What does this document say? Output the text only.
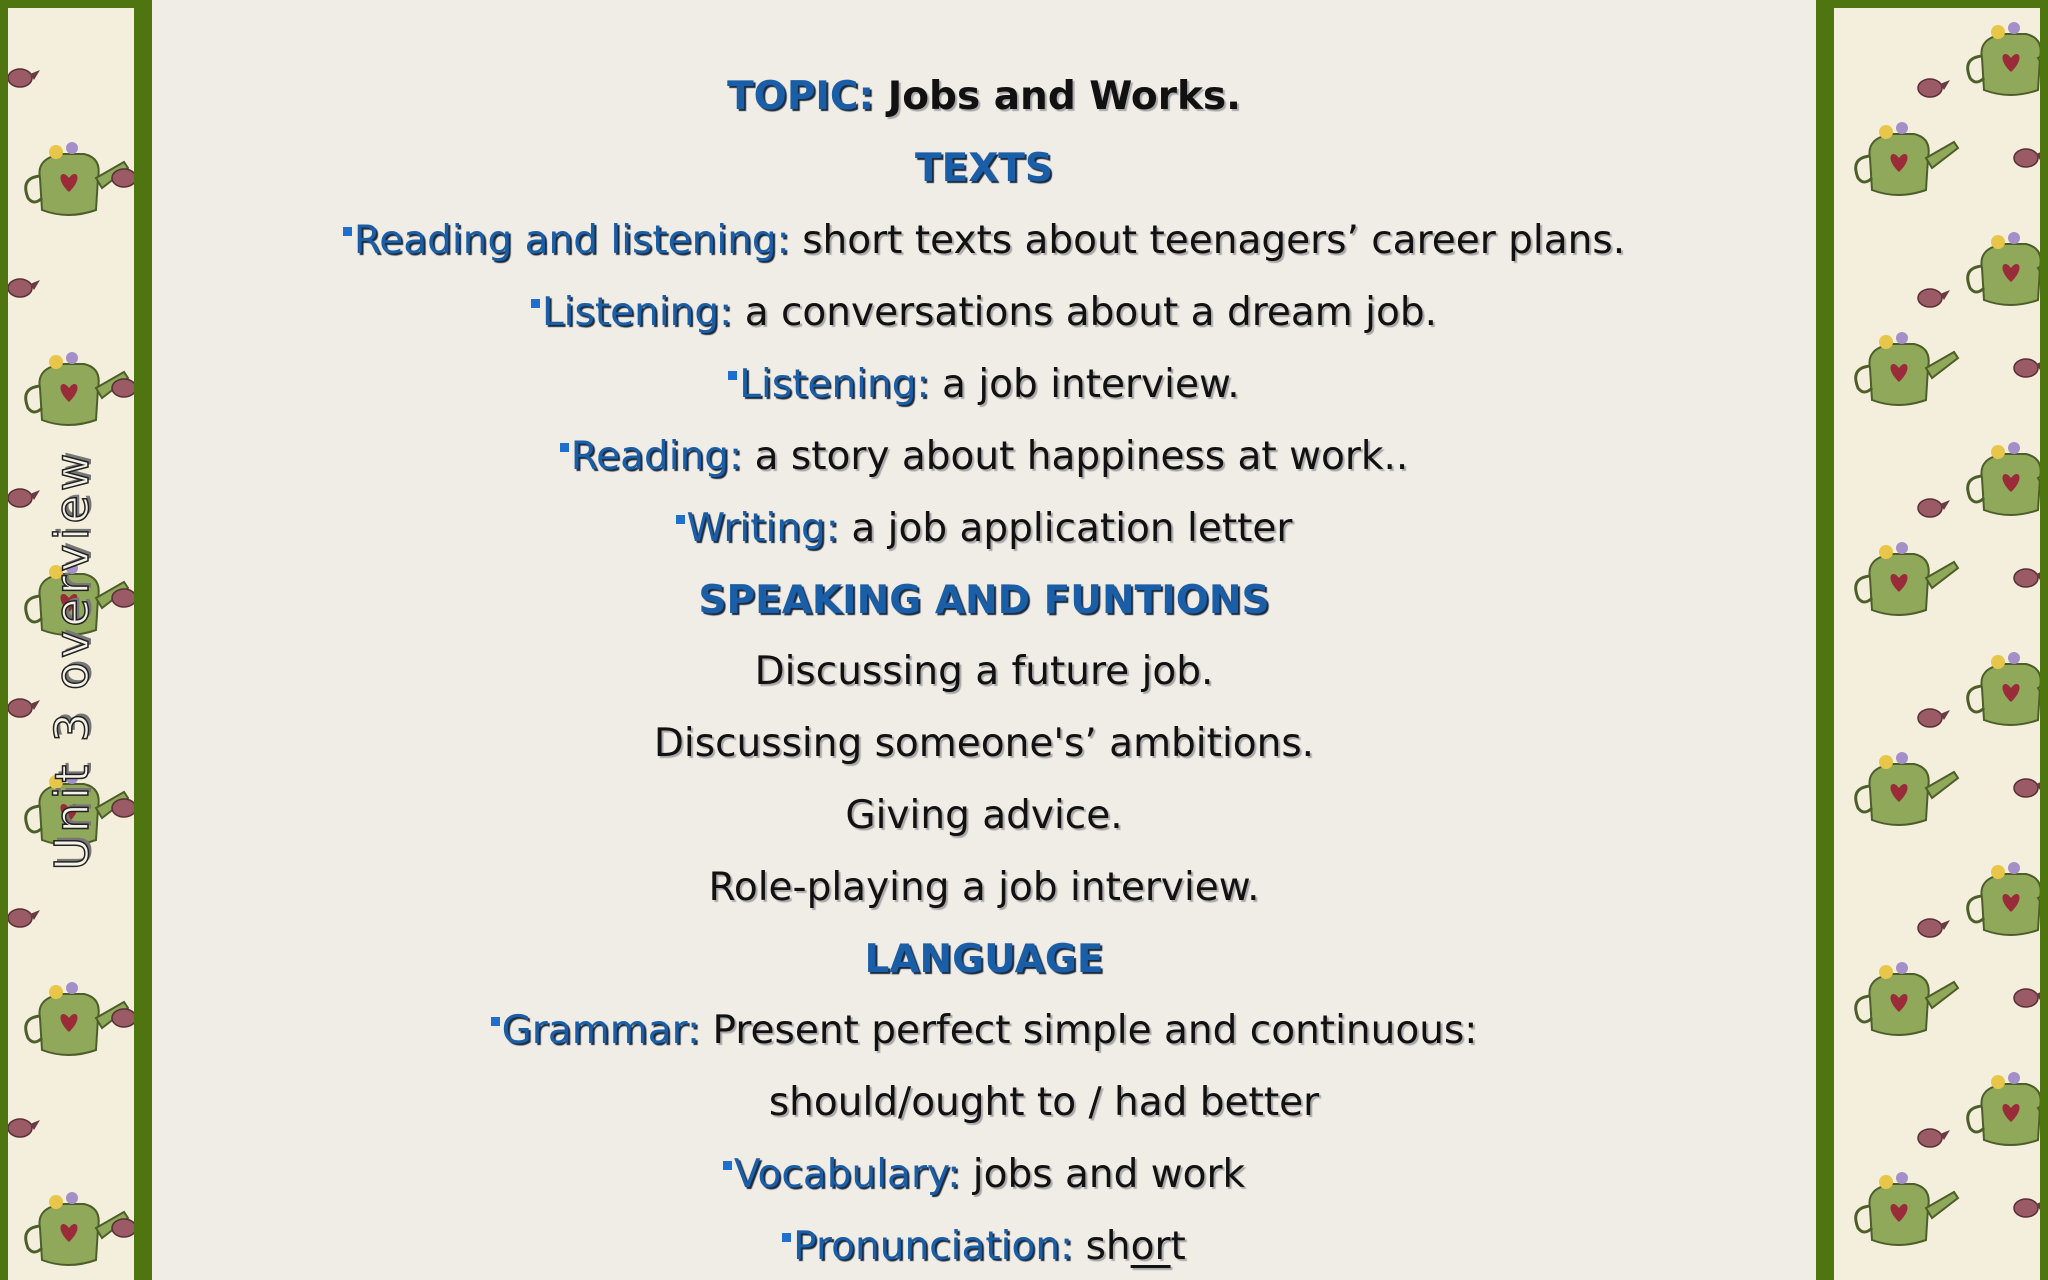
Unit 3 overview
TOPIC: Jobs and Works.
TEXTS
Reading and listening: short texts about teenagers’ career plans.
Listening: a conversations about a dream job.
Listening: a job interview.
Reading: a story about happiness at work..
Writing: a job application letter
SPEAKING AND FUNTIONS
Discussing a future job.
Discussing someone's’ ambitions.
Giving advice.
Role-playing a job interview.
LANGUAGE
Grammar: Present perfect simple and continuous:
should/ought to / had better
Vocabulary: jobs and work
Pronunciation: short
